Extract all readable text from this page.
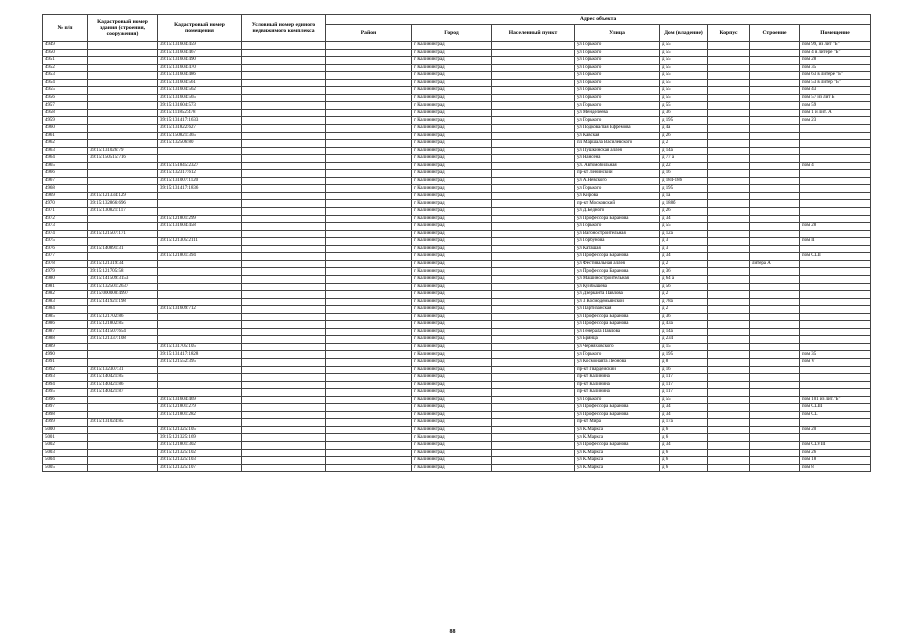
№ п/п	Кадастровый номер здания (строения, сооружения)	Кадастровый номер помещения	Условный номер единого недвижимого комплекса	Адрес объекта							
				Район	Город	Населенный пункт	Улица	Дом (владение)	Корпус	Строение	Помещение
4949		39:15:131604:459			г Калининград		ул Горького	д 55			пом 99, из лит "Б"
4950		39:15:131604:467			г Калининград		ул Горького	д 55			пом 4 в литере "Б"
4951		39:15:131604:490			г Калининград		ул Горького	д 55			пом 28
4952		39:15:131604:470			г Калининград		ул Горького	д 55			пом 35
4953		39:15:131604:486			г Калининград		ул Горького	д 55			пом 63 в литере "Б"
4954		39:15:131604:561			г Калининград		ул Горького	д 55			пом 53 в литер "Б"
4955		39:15:131604:562			г Калининград		ул Горького	д 55			пом 43
4956		39:15:131604:565			г Калининград		ул Горького	д 55			пом 57 из лит Б
4957		39:15:131604:573			г Калининград		ул Горького	д 55			пом 59
4958		39:15:111852:478			г Калининград		ул Менделеева	д 36			пом 1 и лит. А
4959		39:15:131417:1633			г Калининград		ул Горького	д 195			пом 23
4960		39:15:131822:627			г Калининград		ул Подкова/пая Ефремова	д 4а			
4961		39:15:150821:365			г Калининград		ул Кавская	д 26			
4962		39:15:132506:80			г Калининград		пл Маршала Василевского	д 2			
4963	39:15:131026:79				г Калининград		ул Пушкинская аллея	д 14а			
4964	39:15:150515:716				г Калининград		ул Нансена	д 77 а			
4965		39:15:151845:2327			г Калининград		ул. Автомобильная	д 22			пом 4
4966		39:15:132317:612			г Калининград		пр-кт Ленинский	д 16			
4967		39:15:131007:1120			г Калининград		ул А.Невского	д 184-186			
4968		39:15:131417:1836			г Калининград		ул Горького	д 195			
4969	39:15:121334:129				г Калининград		ул Кирова	д 1а			
4970	39:15:132866:696				г Калининград		пр-кт Московский	д 188б			
4971	39:15:130821:117				г Калининград		ул Д.Бедного	д 26			
4972		39:15:121801:299			г Калининград		ул Профессора Баранова	д 34			
4973		39:15:131604:458			г Калининград		ул Горького	д 55			пом 28
4974	39:15:121507:171				г Калининград		ул Вагоностроительная	д 12а			
4975		39:15:121305:2111			г Калининград		ул Горбунова	д 3			пом II
4976	39:15:140891:31				г Калининград		ул Каташая	д 3			
4977		39:15:121801:394			г Калининград		ул Профессора Баранова	д 34			пом CLII
4978	39:15:121319:34				г Калининград		ул Фестивальная аллея	д 2		литера А	
4979	39:15:121705:58				г Калининград		ул Профессора Баранова	д 36			
4980	39:15:141509:3153				г Калининград		ул Машиностроительная	д 64 а			
4981	39:15:132501:2637				г Калининград		ул Куйбышева	д 56			
4982	39:15:000000:4997				г Калининград		ул Дзёрканта Павлова	д 2			
4983	39:15:141921:198				г Калининград		ул 3 Космодемьянской	д 78а			
4984		39:15:131609:712			г Калининград		ул Партизанская	д 2			
4985	39:15:121702:86				г Калининград		ул Профессора Баранова	д 36			
4986	39:15:121802:85				г Калининград		ул Профессора Баранова	д 43а			
4987	39:15:141507:654				г Калининград		ул Генерала Павлова	д 14а			
4988	39:15:121337:108				г Калининград		ул Брянца	д 234			
4989		39:15:131705:105			г Калининград		ул Черняховского	д 15			
4990		39:15:131417:1828			г Калининград		ул Горького	д 195			пом 35
4991		39:15:121552:395			г Калининград		ул Космонавта Леонова	д 8			пом V
4992	39:15:132307:31				г Калининград		пр-кт Гвардейский	д 16			
4993	39:15:140421:85				г Калининград		пр-кт Калинина	д 117			
4994	39:15:140421:86				г Калининград		пр-кт Калинина	д 117			
4995	39:15:140421:87				г Калининград		пр-кт Калинина	д 117			
4996		39:15:131604:469			г Калининград		ул Горького	д 55			пом 101 из лит."Б"
4997		39:15:121801:279			г Калининград		ул Профессора Баранова	д 34			пом CLIII
4998		39:15:121801:282			г Калининград		ул Профессора Баранова	д 34			пом CL
4999	39:15:131024:85				г Калининград		пр-кт Мира	д 17а			
5000		39:15:121325:105			г Калининград		ул К.Маркса	д 6			пом 20
5001		39:15:121325:169			г Калининград		ул К.Маркса	д 6			
5002		39:15:121801:302			г Калининград		ул Профессора Баранова	д 34			пом CLVIII
5003		39:15:121325:102			г Калининград		ул К.Маркса	д 6			пом 26
5004		39:15:121325:103			г Калининград		ул К.Маркса	д 6			пом 18
5005		39:15:121325:107			г Калининград		ул К.Маркса	д 6			пом 8
88
